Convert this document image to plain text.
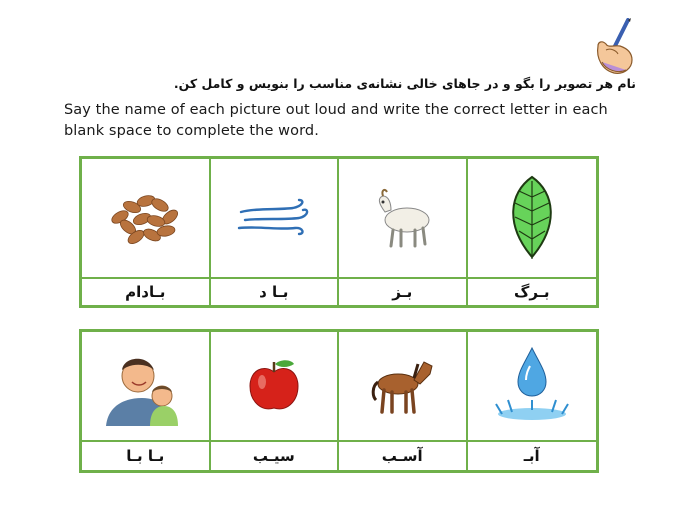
نام هر تصویر را بگو و در جاهای خالی نشانه‌ی مناسب را بنویس و کامل کن.
Say the name of each picture out loud and write the correct letter in each blank space to complete the word.
بـادام	بـا د	بـز	بـرگ
بـا بـا	سیـب	آسـب	آبـ
